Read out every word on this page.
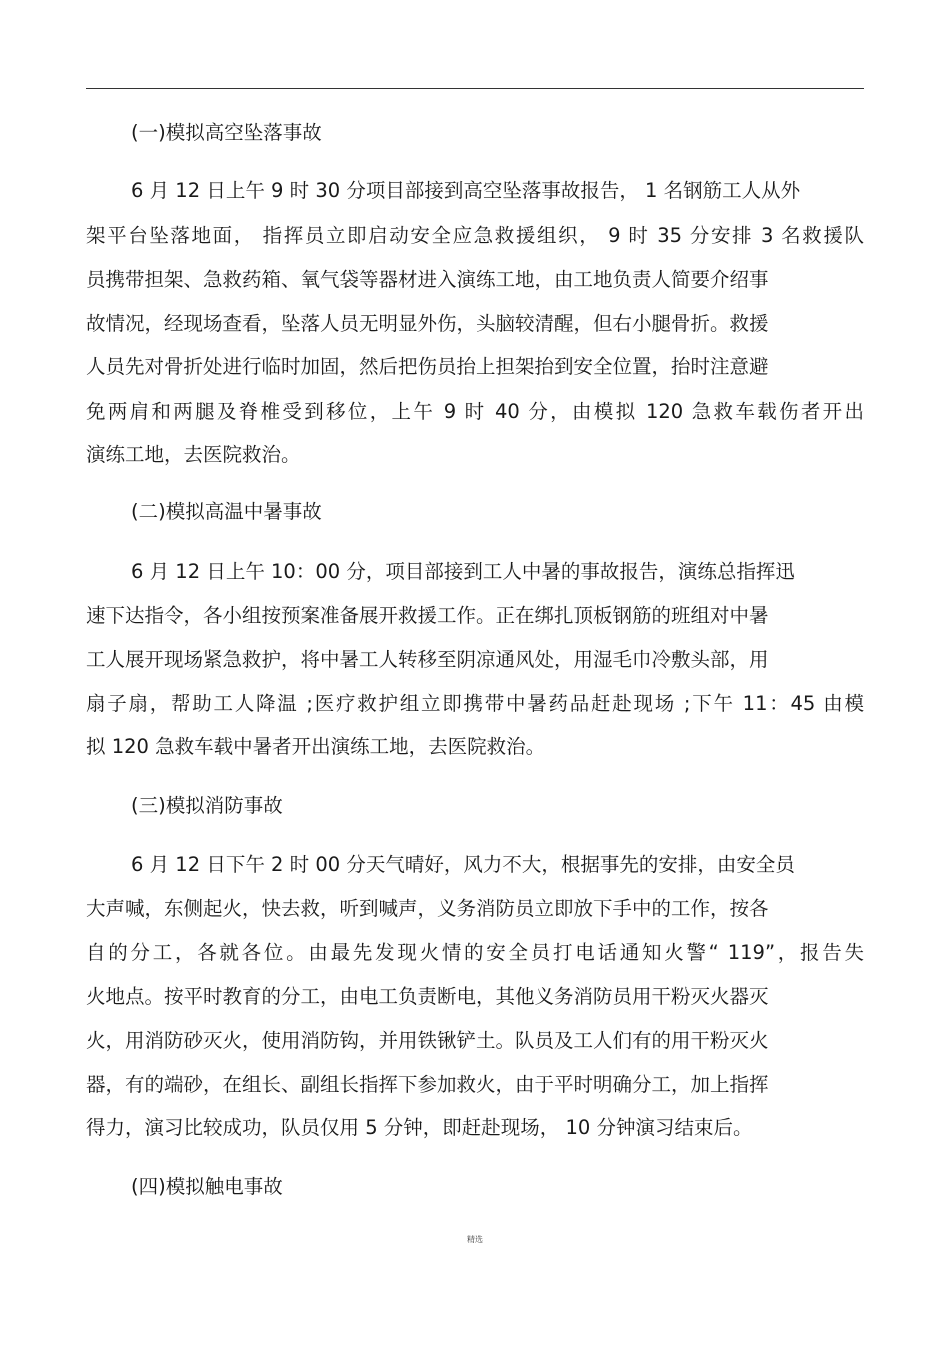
(一)模拟高空坠落事故
6 月 12 日上午 9 时 30 分项目部接到高空坠落事故报告， 1 名钢筋工人从外
架平台坠落地面， 指挥员立即启动安全应急救援组织， 9 时 35 分安排 3 名救援队
员携带担架、急救药箱、氧气袋等器材进入演练工地，由工地负责人简要介绍事
故情况，经现场查看，坠落人员无明显外伤，头脑较清醒，但右小腿骨折。救援
人员先对骨折处进行临时加固，然后把伤员抬上担架抬到安全位置，抬时注意避
免两肩和两腿及脊椎受到移位，上午 9 时 40 分，由模拟 120 急救车载伤者开出
演练工地，去医院救治。
(二)模拟高温中暑事故
6 月 12 日上午 10：00 分，项目部接到工人中暑的事故报告，演练总指挥迅
速下达指令，各小组按预案准备展开救援工作。正在绑扎顶板钢筋的班组对中暑
工人展开现场紧急救护，将中暑工人转移至阴凉通风处，用湿毛巾冷敷头部，用
扇子扇，帮助工人降温 ;医疗救护组立即携带中暑药品赶赴现场 ;下午 11：45 由模
拟 120 急救车载中暑者开出演练工地，去医院救治。
(三)模拟消防事故
6 月 12 日下午 2 时 00 分天气晴好，风力不大，根据事先的安排，由安全员
大声喊，东侧起火，快去救，听到喊声，义务消防员立即放下手中的工作，按各
自的分工，各就各位。由最先发现火情的安全员打电话通知火警“ 119”，报告失
火地点。按平时教育的分工，由电工负责断电，其他义务消防员用干粉灭火器灭
火，用消防砂灭火，使用消防钩，并用铁锹铲土。队员及工人们有的用干粉灭火
器，有的端砂，在组长、副组长指挥下参加救火，由于平时明确分工，加上指挥
得力，演习比较成功，队员仅用 5 分钟，即赶赴现场， 10 分钟演习结束后。
(四)模拟触电事故
精选
